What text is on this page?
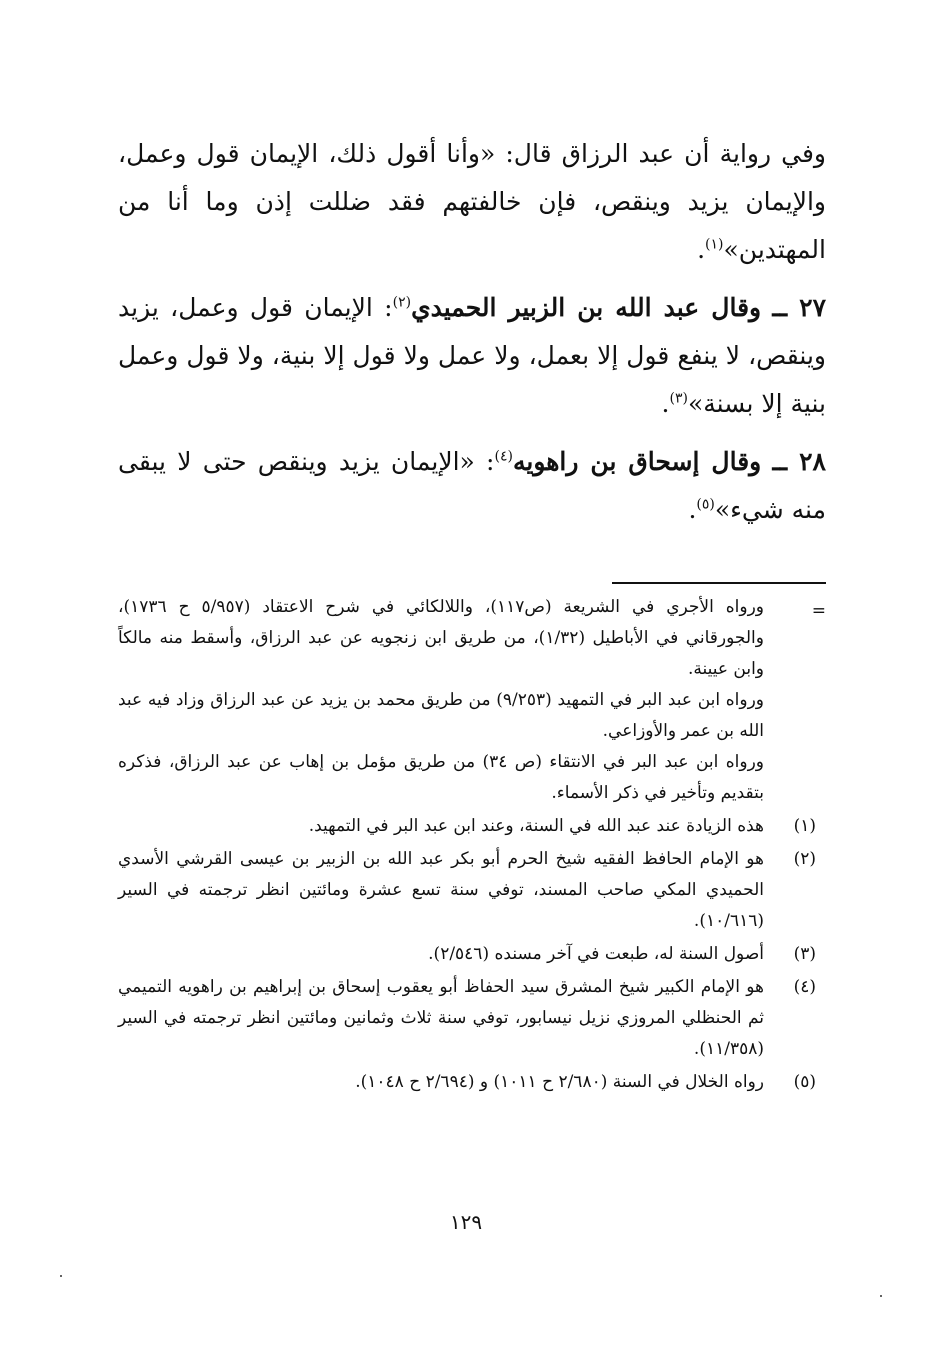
وفي رواية أن عبد الرزاق قال: «وأنا أقول ذلك، الإيمان قول وعمل، والإيمان يزيد وينقص، فإن خالفتهم فقد ضللت إذن وما أنا من المهتدين»$^{(١)}$.

٢٧ ــ وقال عبد الله بن الزبير الحميدي$^{(٢)}$: الإيمان قول وعمل، يزيد وينقص، لا ينفع قول إلا بعمل، ولا عمل ولا قول إلا بنية، ولا قول وعمل بنية إلا بسنة»$^{(٣)}$.

٢٨ ــ وقال إسحاق بن راهويه$^{(٤)}$: «الإيمان يزيد وينقص حتى لا يبقى منه شيء»$^{(٥)}$.

=
ورواه الأجري في الشريعة (ص١١٧)، واللالكائي في شرح الاعتقاد (٥/٩٥٧ ح ١٧٣٦)، والجورقاني في الأباطيل (١/٣٢)، من طريق ابن زنجويه عن عبد الرزاق، وأسقط منه مالكاً وابن عيينة.
ورواه ابن عبد البر في التمهيد (٩/٢٥٣) من طريق محمد بن يزيد عن عبد الرزاق وزاد فيه عبد الله بن عمر والأوزاعي.
ورواه ابن عبد البر في الانتقاء (ص ٣٤) من طريق مؤمل بن إهاب عن عبد الرزاق، فذكره بتقديم وتأخير في ذكر الأسماء.
(١)
هذه الزيادة عند عبد الله في السنة، وعند ابن عبد البر في التمهيد.
(٢)
هو الإمام الحافظ الفقيه شيخ الحرم أبو بكر عبد الله بن الزبير بن عيسى القرشي الأسدي الحميدي المكي صاحب المسند، توفي سنة تسع عشرة ومائتين انظر ترجمته في السير (١٠/٦١٦).
(٣)
أصول السنة له، طبعت في آخر مسنده (٢/٥٤٦).
(٤)
هو الإمام الكبير شيخ المشرق سيد الحفاظ أبو يعقوب إسحاق بن إبراهيم بن راهويه التميمي ثم الحنظلي المروزي نزيل نيسابور، توفي سنة ثلاث وثمانين ومائتين انظر ترجمته في السير (١١/٣٥٨).
(٥)
رواه الخلال في السنة (٢/٦٨٠ ح ١٠١١) و (٢/٦٩٤ ح ١٠٤٨).
١٢٩
